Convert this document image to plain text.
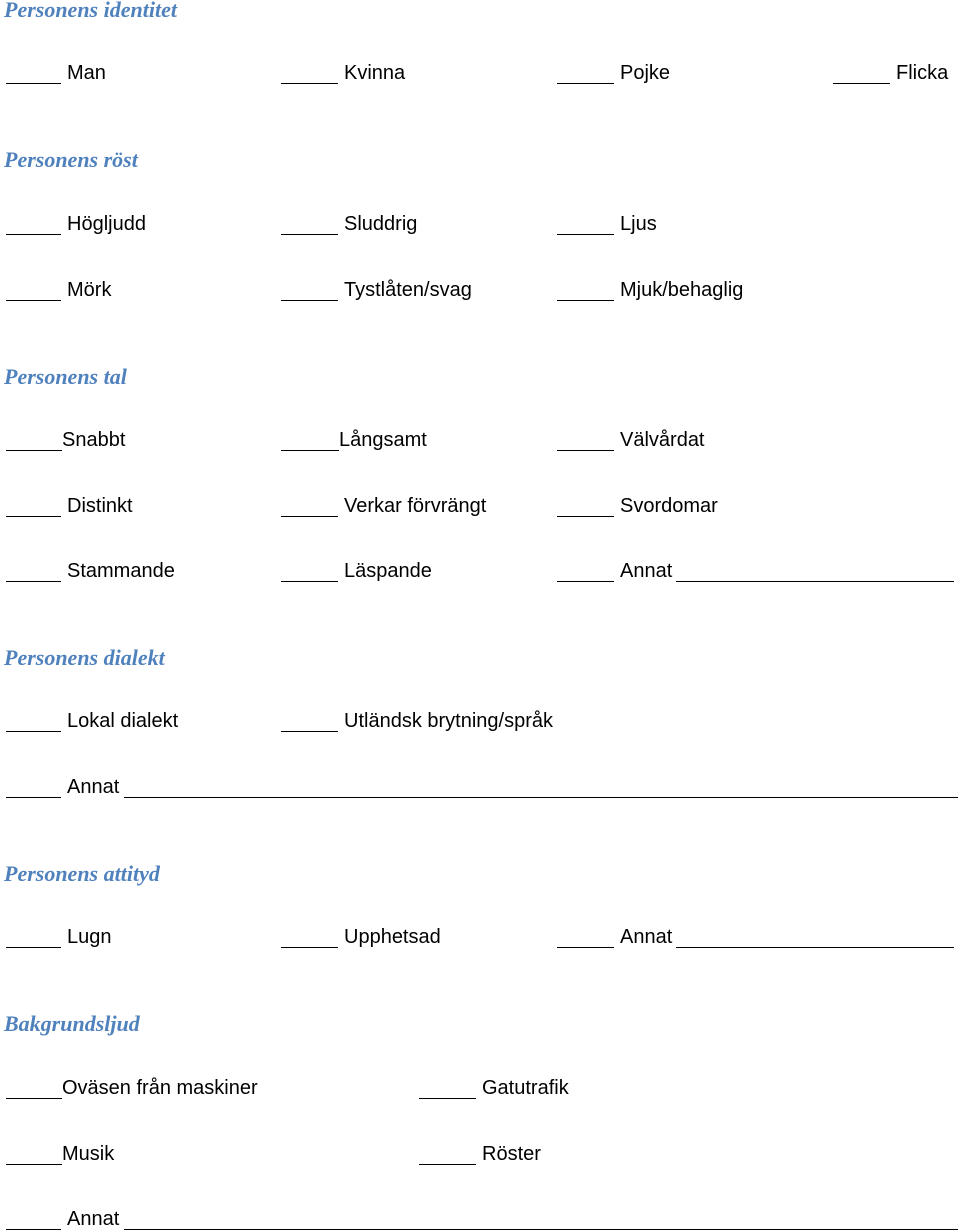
Personens identitet
Man	Kvinna	Pojke	Flicka
Personens röst
Högljudd	Sluddrig	Ljus
Mörk	Tystlåten/svag	Mjuk/behaglig
Personens tal
Snabbt	Långsamt	Välvårdat
Distinkt	Verkar förvrängt	Svordomar
Stammande	Läspande	Annat
Personens dialekt
Lokal dialekt	Utländsk brytning/språk
Annat
Personens attityd
Lugn	Upphetsad	Annat
Bakgrundsljud
Oväsen från maskiner	Gatutrafik
Musik	Röster
Annat
